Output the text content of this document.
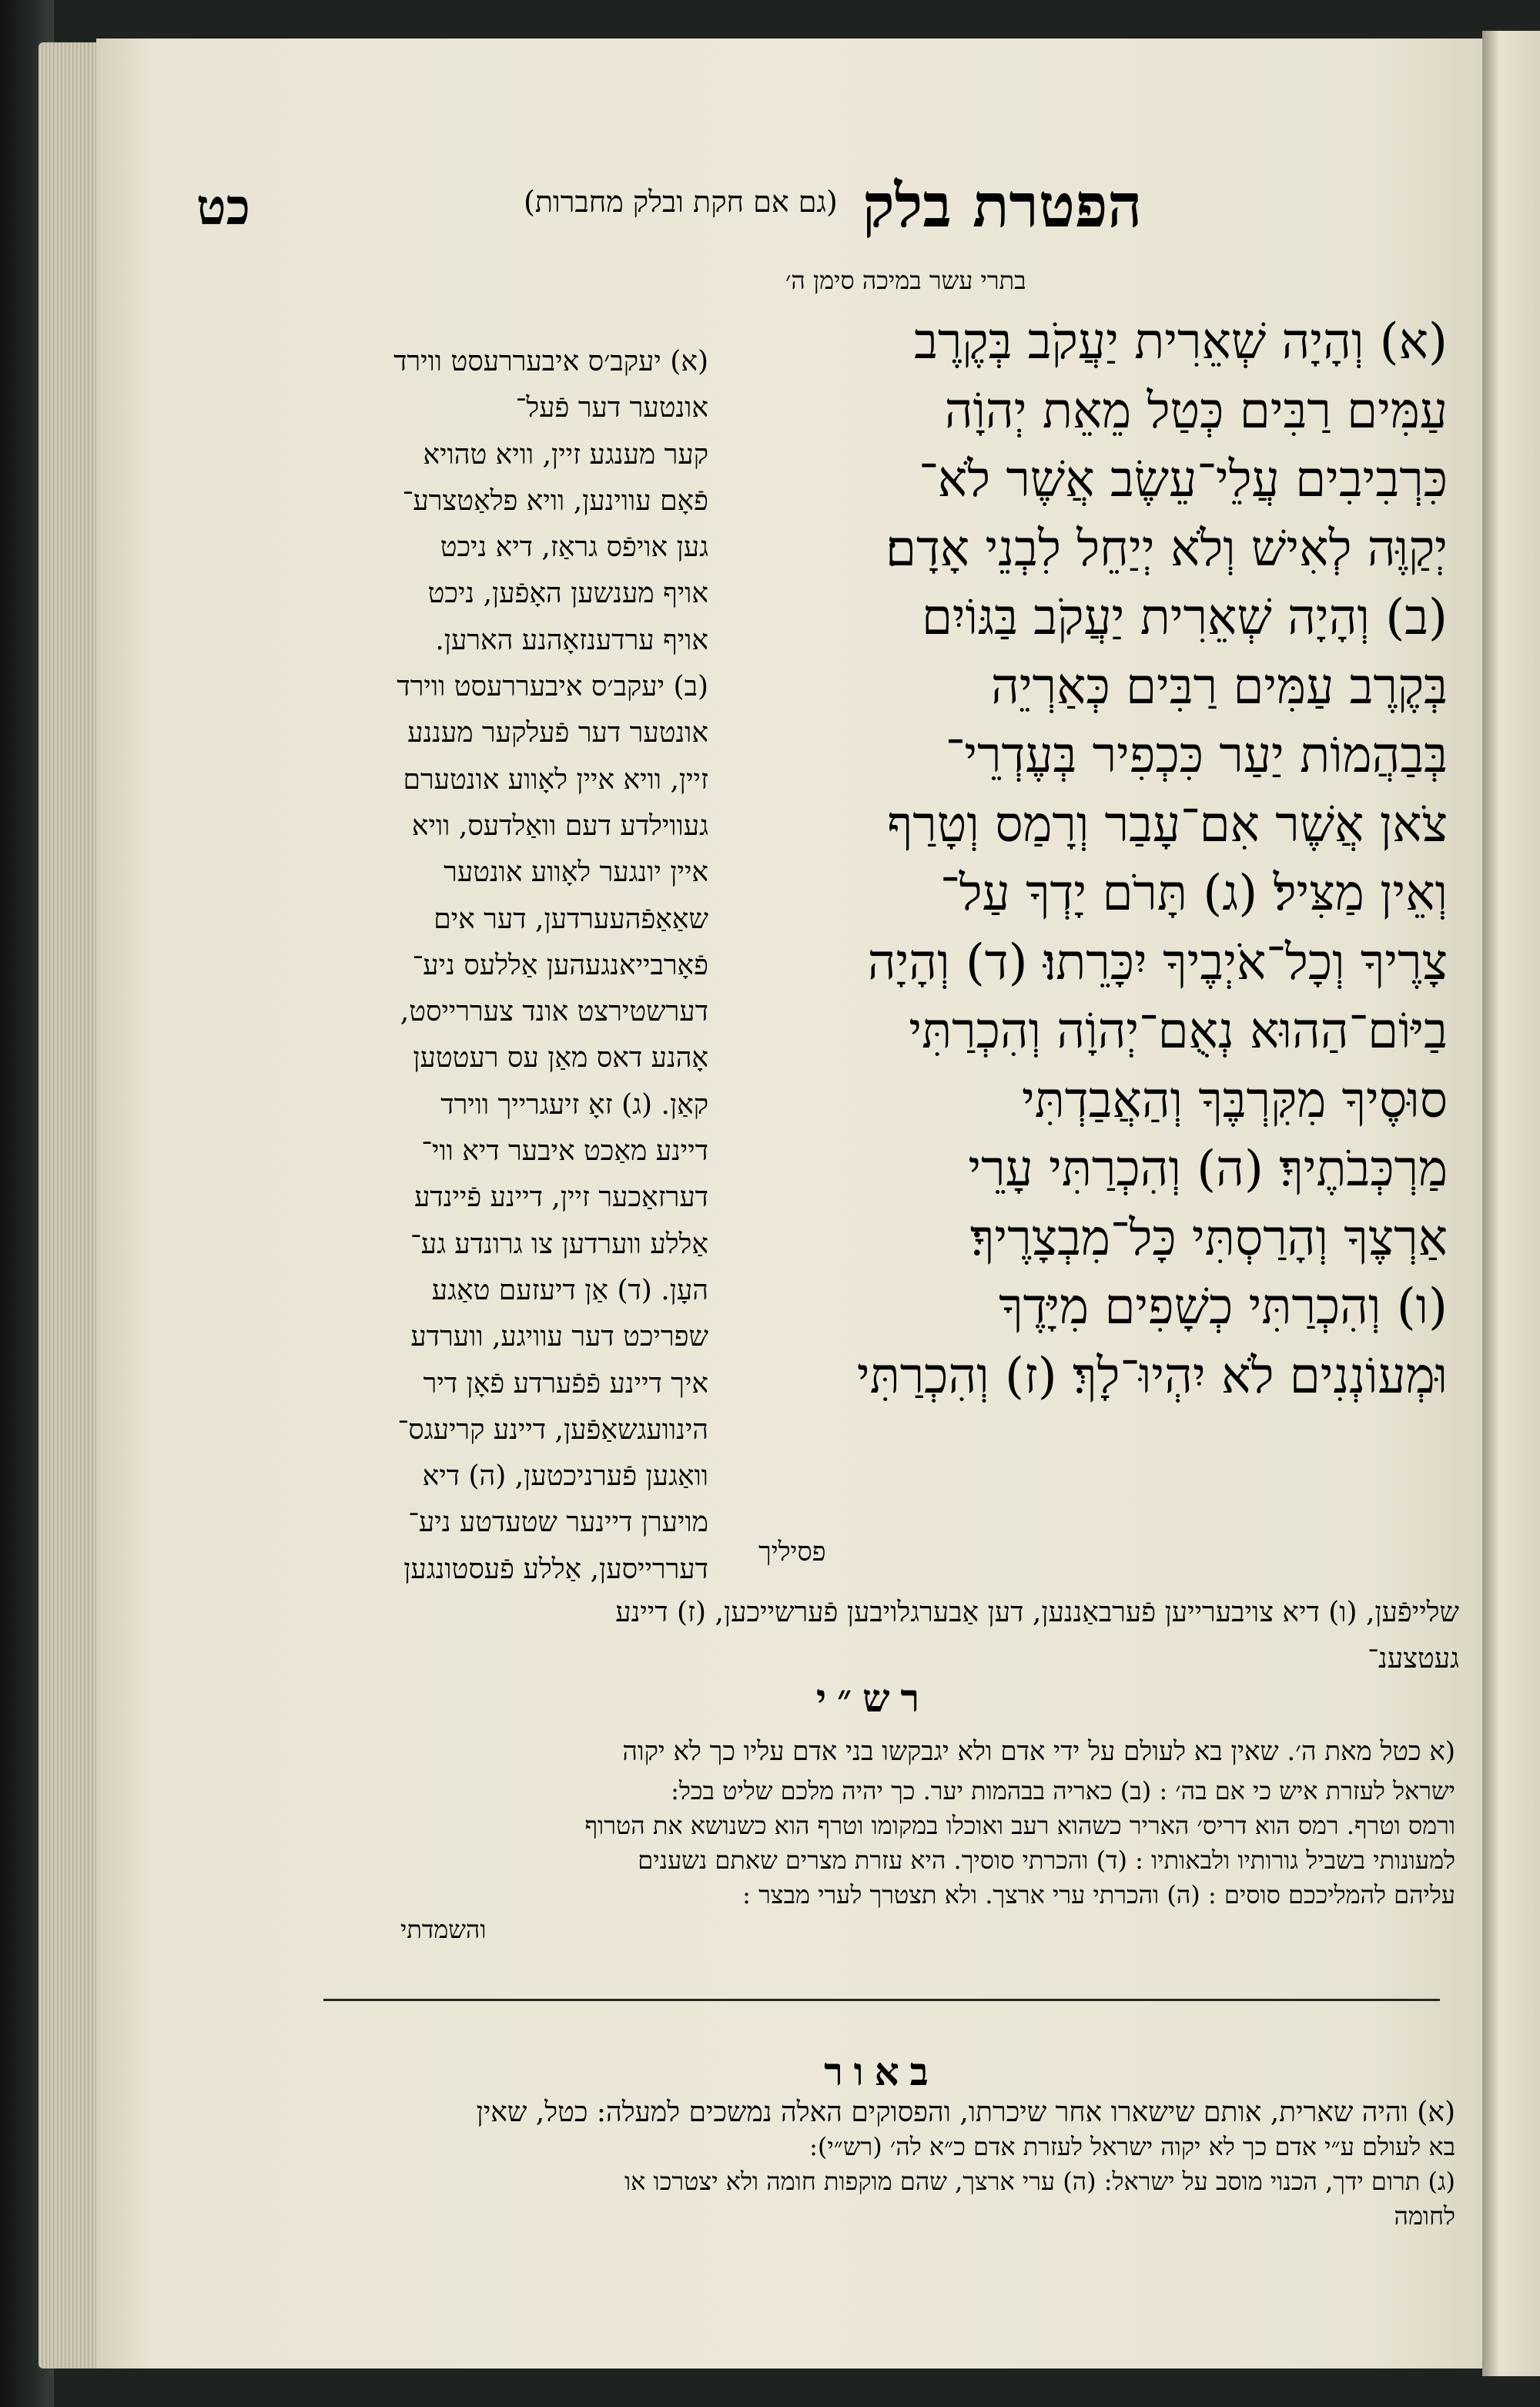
כט	הפטרת בלק
(גם אם חקת ובלק מחברות)
בתרי עשר במיכה סימן ה׳
(א) וְהָיָה שְׁאֵרִית יַעֲקֹב בְּקֶרֶב
עַמִּים רַבִּים כְּטַל מֵאֵת יְהוָֹה
כִּרְבִיבִים עֲלֵי־עֵשֶׂב אֲשֶׁר לֹא־
יְקַוֶּה לְאִישׁ וְלֹא יְיַחֵל לִבְנֵי אָדָם׃
(ב) וְהָיָה שְׁאֵרִית יַעֲקֹב בַּגּוֹיִם
בְּקֶרֶב עַמִּים רַבִּים כְּאַרְיֵה
בְּבַהֲמוֹת יַעַר כִּכְפִיר בְּעֶדְרֵי־
צֹאן אֲשֶׁר אִם־עָבַר וְרָמַס וְטָרַף
וְאֵין מַצִּיל׃ (ג) תָּרֹם יָדְךָ עַל־
צָרֶיךָ וְכָל־אֹיְבֶיךָ יִכָּרֵתוּ׃ (ד) וְהָיָה
בַיּוֹם־הַהוּא נְאֻם־יְהוָֹה וְהִכְרַתִּי
סוּסֶיךָ מִקִּרְבֶּךָ וְהַאֲבַדְתִּי
מַרְכְּבֹתֶיךָ׃ (ה) וְהִכְרַתִּי עָרֵי
אַרְצֶךָ וְהָרַסְתִּי כָּל־מִבְצָרֶיךָ׃
(ו) וְהִכְרַתִּי כְשָׁפִים מִיָּדֶךָ
וּמְעוֹנְנִים לֹא יִהְיוּ־לָךְ׃ (ז) וְהִכְרַתִּי
פסיליך
(א) יעקב׳ס איבעררעסט ווירד
אונטער דער פֿעל־
קער מענגע זיין, וויא טהויא
פֿאָם עווינען, וויא פלאַטצרע־
גען אויפֿס גראַז, דיא ניכט
אויף מענשען האָפֿען, ניכט
אויף ערדענזאָהנע הארען.
(ב) יעקב׳ס איבעררעסט ווירד
אונטער דער פֿעלקער מעננע
זיין, וויא איין לאָווע אונטערם
געווילדע דעם וואַלדעס, וויא
איין יונגער לאָווע אונטער
שאַאַפֿהעערדען, דער אים
פֿאָרבייאנגעהען אַללעס ניע־
דערשטירצט אונד צעררייסט,
אָהנע דאס מאַן עס רעטטען
קאַן. (ג) זאָ זיעגרייך ווירד
דיינע מאַכט איבער דיא ווי־
דערזאַכער זיין, דיינע פֿיינדע
אַללע ווערדען צו גרונדע גע־
העָן. (ד) אַן דיעזעם טאַגע
שפריכט דער עוויגע, ווערדע
איך דיינע פֿפֿערדע פֿאָן דיר
הינוועגשאַפֿען, דיינע קריעגס־
וואַגען פֿערניכטען, (ה) דיא
מויערן דיינער שטעדטע ניע־
דעררייסען, אַללע פֿעסטונגען
שלייפֿען, (ו) דיא צויבערייען פֿערבאַננען, דען אַבערגלויבען פֿערשייכען, (ז) דיינע
געטצענ־
רש״י
(א כטל מאת ה׳. שאין בא לעולם על ידי אדם ולא יגבקשו בני אדם עליו כך לא יקוה
ישראל לעזרת איש כי אם בה׳ : (ב) כאריה בבהמות יער. כך יהיה מלכם שליט בכל:
ורמס וטרף. רמס הוא דריס׳ האריר כשהוא רעב ואוכלו במקומו וטרף הוא כשנושא את הטרוף
למעונותי בשביל גורותיו ולבאותיו : (ד) והכרתי סוסיך. היא עזרת מצרים שאתם נשענים
עליהם להמליככם סוסים : (ה) והכרתי ערי ארצך. ולא תצטרך לערי מבצר :
והשמדתי
באור
(א) והיה שארית, אותם שישארו אחר שיכרתו, והפסוקים האלה נמשכים למעלה: כטל, שאין
בא לעולם ע״י אדם כך לא יקוה ישראל לעזרת אדם כ״א לה׳ (רש״י):
(ג) תרום ידך, הכנוי מוסב על ישראל: (ה) ערי ארצך, שהם מוקפות חומה ולא יצטרכו או
לחומה
